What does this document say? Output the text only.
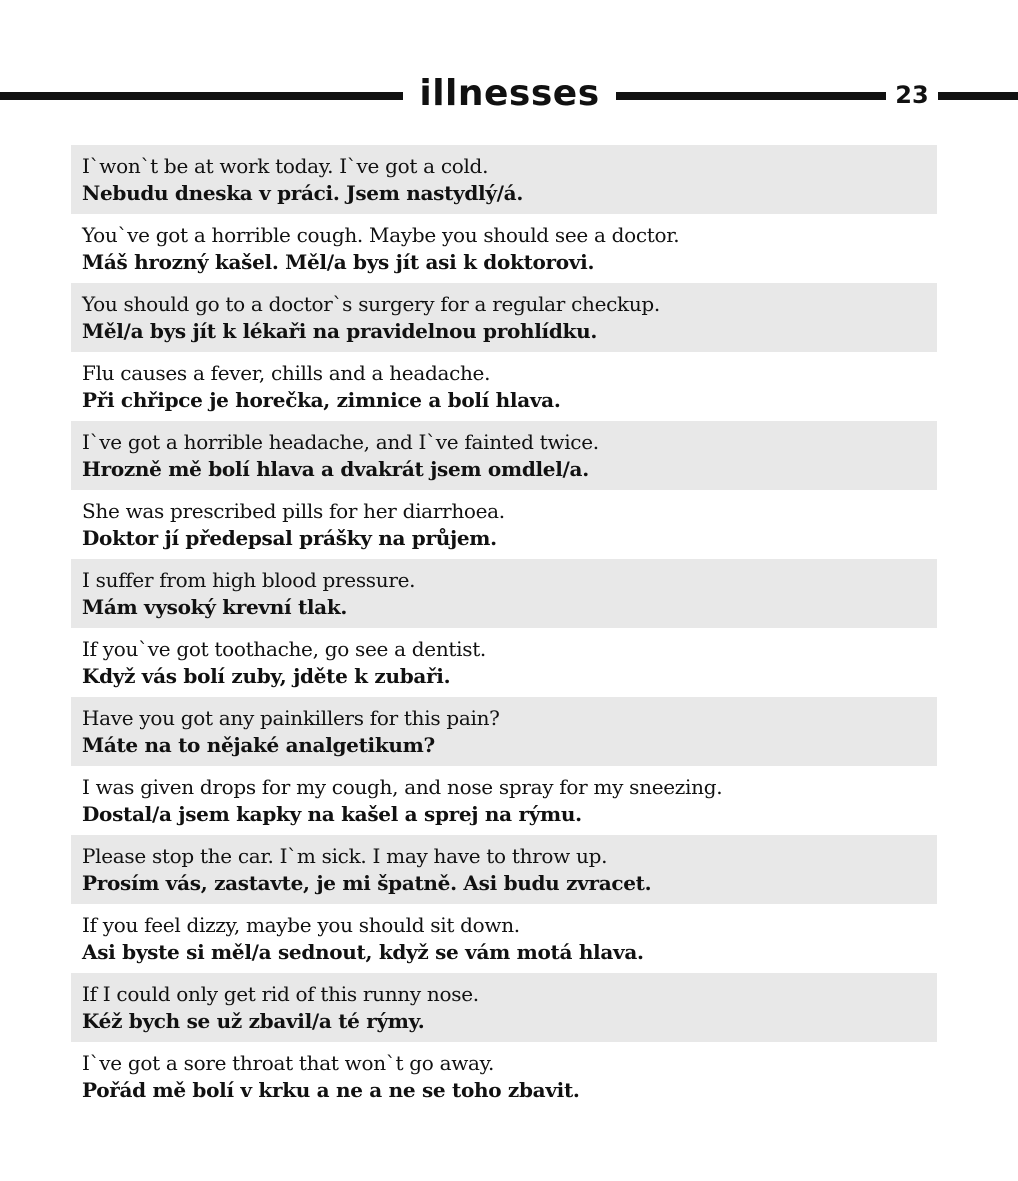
illnesses	23
I`won`t be at work today. I`ve got a cold.
Nebudu dneska v práci. Jsem nastydlý/á.
You`ve got a horrible cough. Maybe you should see a doctor.
Máš hrozný kašel. Měl/a bys jít asi k doktorovi.
You should go to a doctor`s surgery for a regular checkup.
Měl/a bys jít k lékaři na pravidelnou prohlídku.
Flu causes a fever, chills and a headache.
Při chřipce je horečka, zimnice a bolí hlava.
I`ve got a horrible headache, and I`ve fainted twice.
Hrozně mě bolí hlava a dvakrát jsem omdlel/a.
She was prescribed pills for her diarrhoea.
Doktor jí předepsal prášky na průjem.
I suffer from high blood pressure.
Mám vysoký krevní tlak.
If you`ve got toothache, go see a dentist.
Když vás bolí zuby, jděte k zubaři.
Have you got any painkillers for this pain?
Máte na to nějaké analgetikum?
I was given drops for my cough, and nose spray for my sneezing.
Dostal/a jsem kapky na kašel a sprej na rýmu.
Please stop the car. I`m sick. I may have to throw up.
Prosím vás, zastavte, je mi špatně. Asi budu zvracet.
If you feel dizzy, maybe you should sit down.
Asi byste si měl/a sednout, když se vám motá hlava.
If I could only get rid of this runny nose.
Kéž bych se už zbavil/a té rýmy.
I`ve got a sore throat that won`t go away.
Pořád mě bolí v krku a ne a ne se toho zbavit.
